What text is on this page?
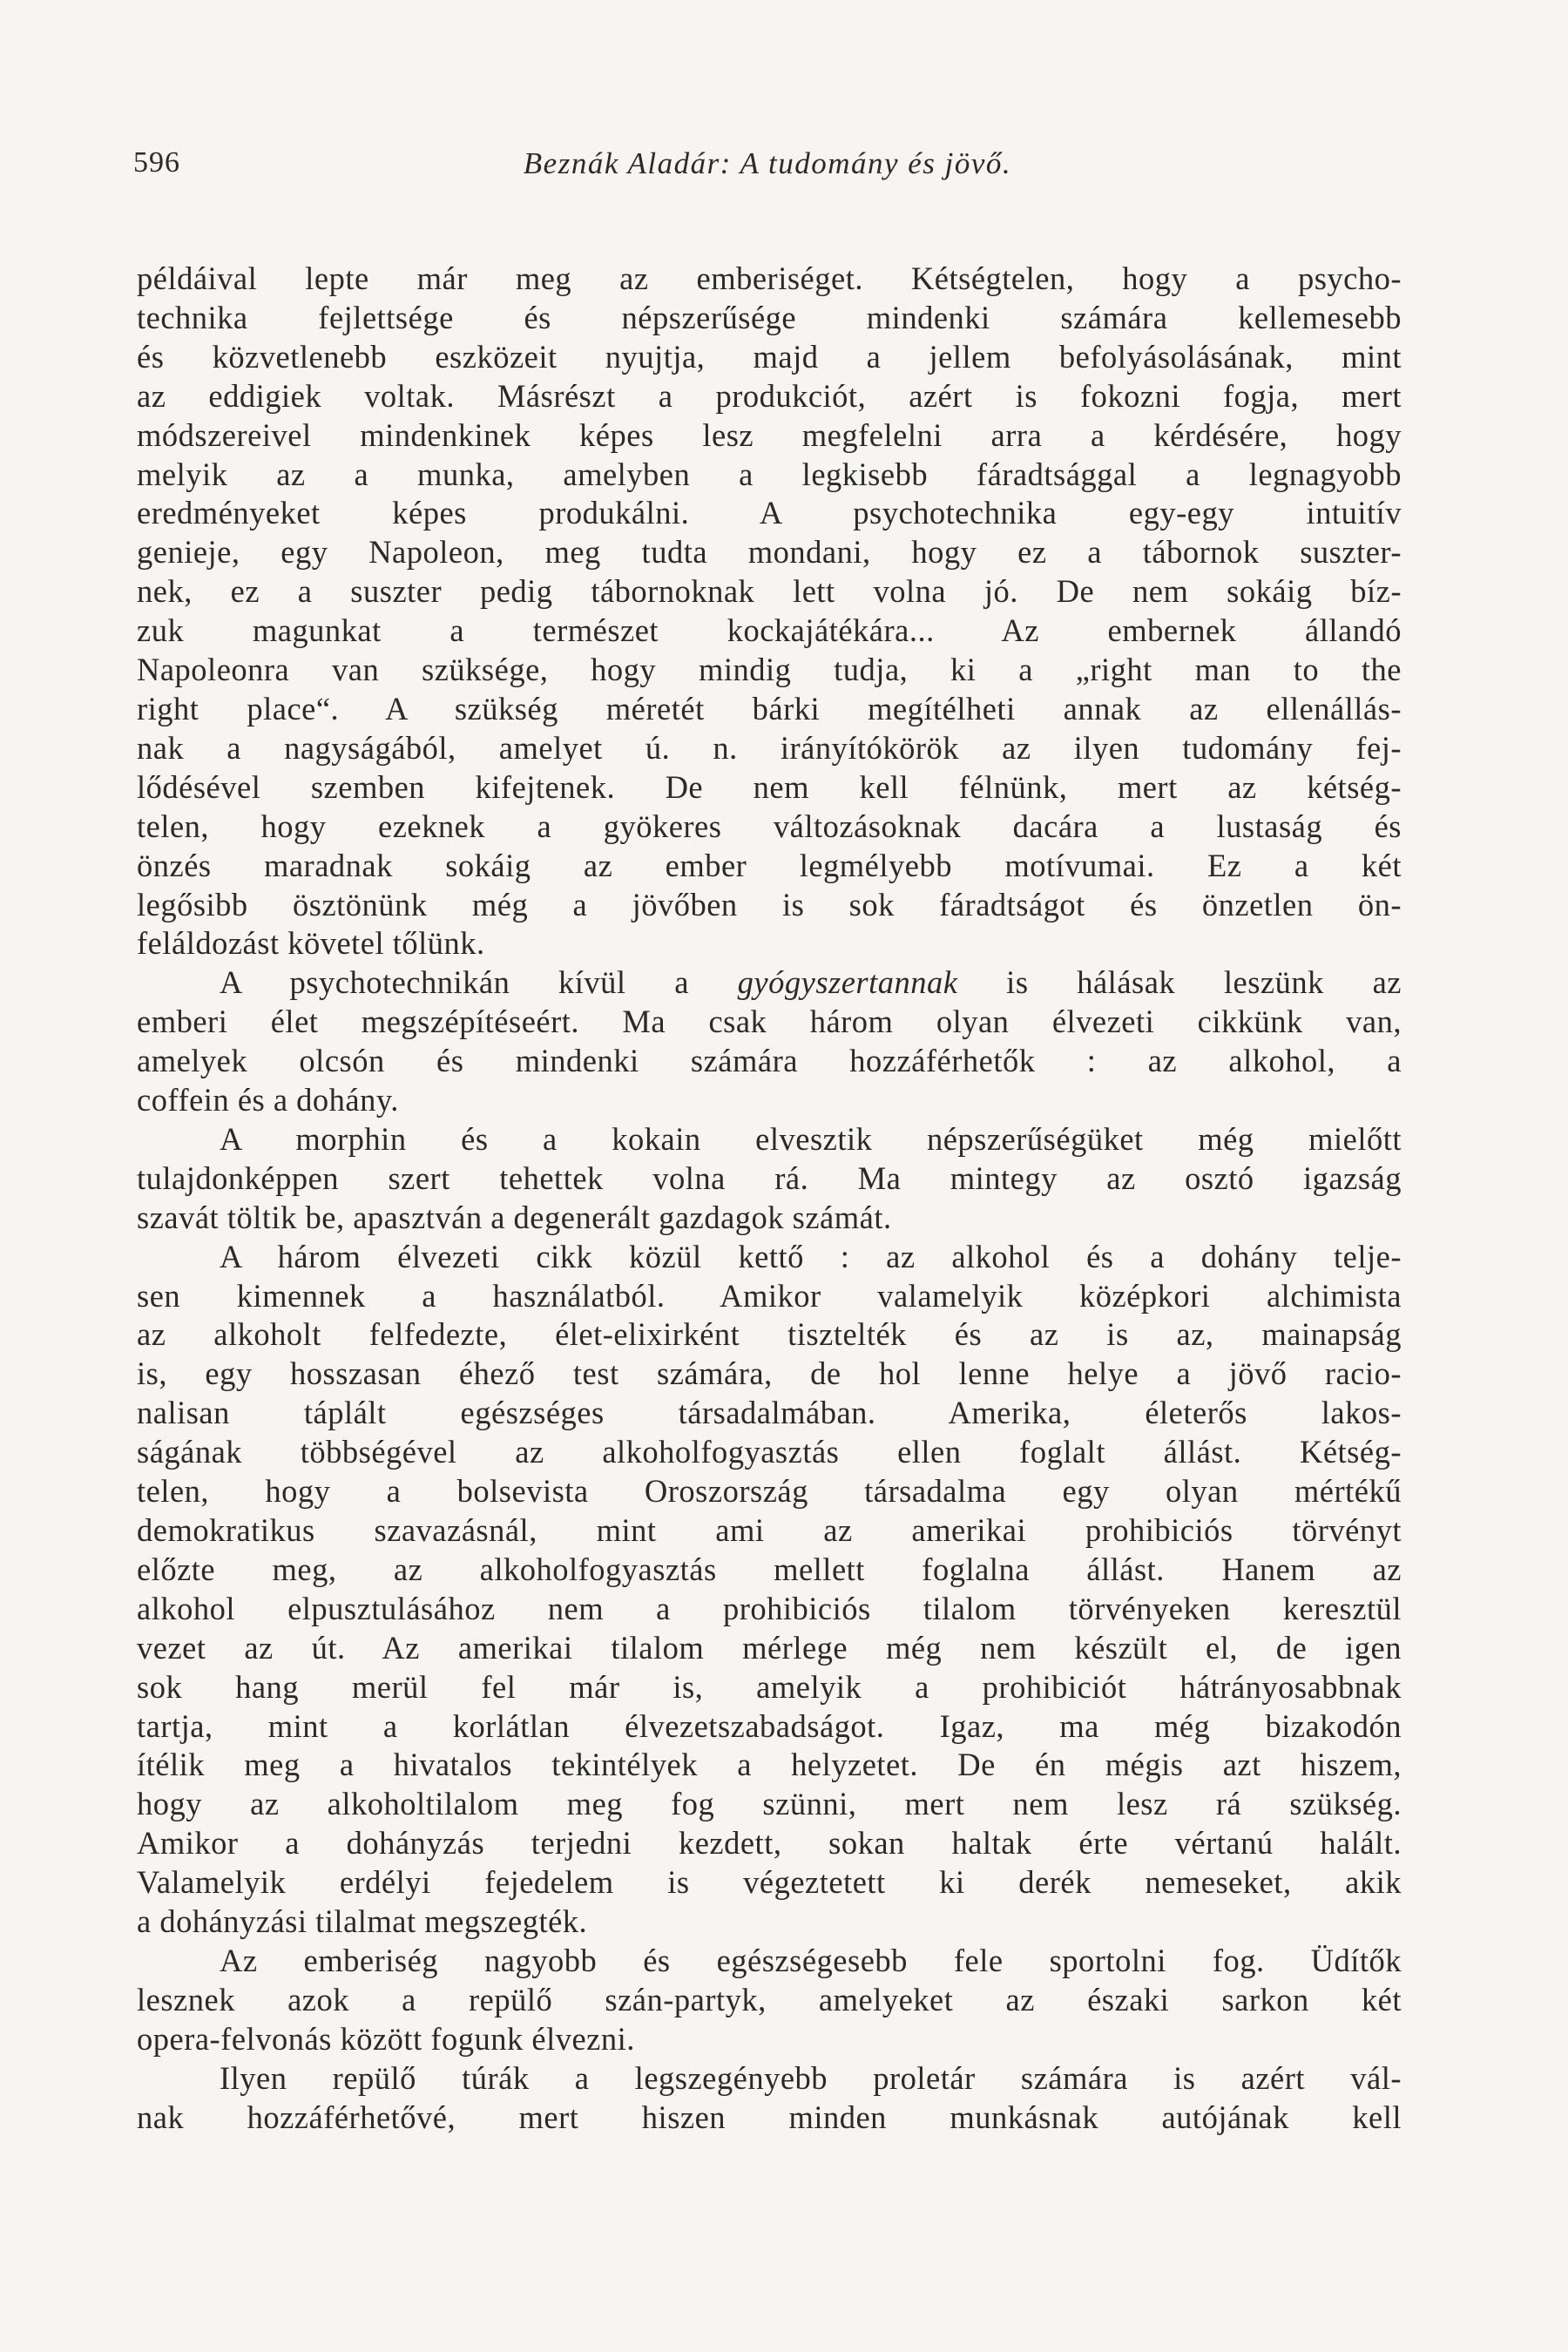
596	Beznák Aladár: A tudomány és jövő.

példáival lepte már meg az emberiséget. Kétségtelen, hogy a psycho-
technika fejlettsége és népszerűsége mindenki számára kellemesebb
és közvetlenebb eszközeit nyujtja, majd a jellem befolyásolásának, mint
az eddigiek voltak. Másrészt a produkciót, azért is fokozni fogja, mert
módszereivel mindenkinek képes lesz megfelelni arra a kérdésére, hogy
melyik az a munka, amelyben a legkisebb fáradtsággal a legnagyobb
eredményeket képes produkálni. A psychotechnika egy-egy intuitív
genieje, egy Napoleon, meg tudta mondani, hogy ez a tábornok suszter-
nek, ez a suszter pedig tábornoknak lett volna jó. De nem sokáig bíz-
zuk magunkat a természet kockajátékára... Az embernek állandó
Napoleonra van szüksége, hogy mindig tudja, ki a „right man to the
right place“. A szükség méretét bárki megítélheti annak az ellenállás-
nak a nagyságából, amelyet ú. n. irányítókörök az ilyen tudomány fej-
lődésével szemben kifejtenek. De nem kell félnünk, mert az kétség-
telen, hogy ezeknek a gyökeres változásoknak dacára a lustaság és
önzés maradnak sokáig az ember legmélyebb motívumai. Ez a két
legősibb ösztönünk még a jövőben is sok fáradtságot és önzetlen ön-
feláldozást követel tőlünk.

A psychotechnikán kívül a gyógyszertannak is hálásak leszünk az
emberi élet megszépítéseért. Ma csak három olyan élvezeti cikkünk van,
amelyek olcsón és mindenki számára hozzáférhetők : az alkohol, a
coffein és a dohány.

A morphin és a kokain elvesztik népszerűségüket még mielőtt
tulajdonképpen szert tehettek volna rá. Ma mintegy az osztó igazság
szavát töltik be, apasztván a degenerált gazdagok számát.

A három élvezeti cikk közül kettő : az alkohol és a dohány telje-
sen kimennek a használatból. Amikor valamelyik középkori alchimista
az alkoholt felfedezte, élet-elixirként tisztelték és az is az, mainapság
is, egy hosszasan éhező test számára, de hol lenne helye a jövő racio-
nalisan táplált egészséges társadalmában. Amerika, életerős lakos-
ságának többségével az alkoholfogyasztás ellen foglalt állást. Kétség-
telen, hogy a bolsevista Oroszország társadalma egy olyan mértékű
demokratikus szavazásnál, mint ami az amerikai prohibiciós törvényt
előzte meg, az alkoholfogyasztás mellett foglalna állást. Hanem az
alkohol elpusztulásához nem a prohibiciós tilalom törvényeken keresztül
vezet az út. Az amerikai tilalom mérlege még nem készült el, de igen
sok hang merül fel már is, amelyik a prohibiciót hátrányosabbnak
tartja, mint a korlátlan élvezetszabadságot. Igaz, ma még bizakodón
ítélik meg a hivatalos tekintélyek a helyzetet. De én mégis azt hiszem,
hogy az alkoholtilalom meg fog szünni, mert nem lesz rá szükség.
Amikor a dohányzás terjedni kezdett, sokan haltak érte vértanú halált.
Valamelyik erdélyi fejedelem is végeztetett ki derék nemeseket, akik
a dohányzási tilalmat megszegték.

Az emberiség nagyobb és egészségesebb fele sportolni fog. Üdítők
lesznek azok a repülő szán-partyk, amelyeket az északi sarkon két
opera-felvonás között fogunk élvezni.

Ilyen repülő túrák a legszegényebb proletár számára is azért vál-
nak hozzáférhetővé, mert hiszen minden munkásnak autójának kell
